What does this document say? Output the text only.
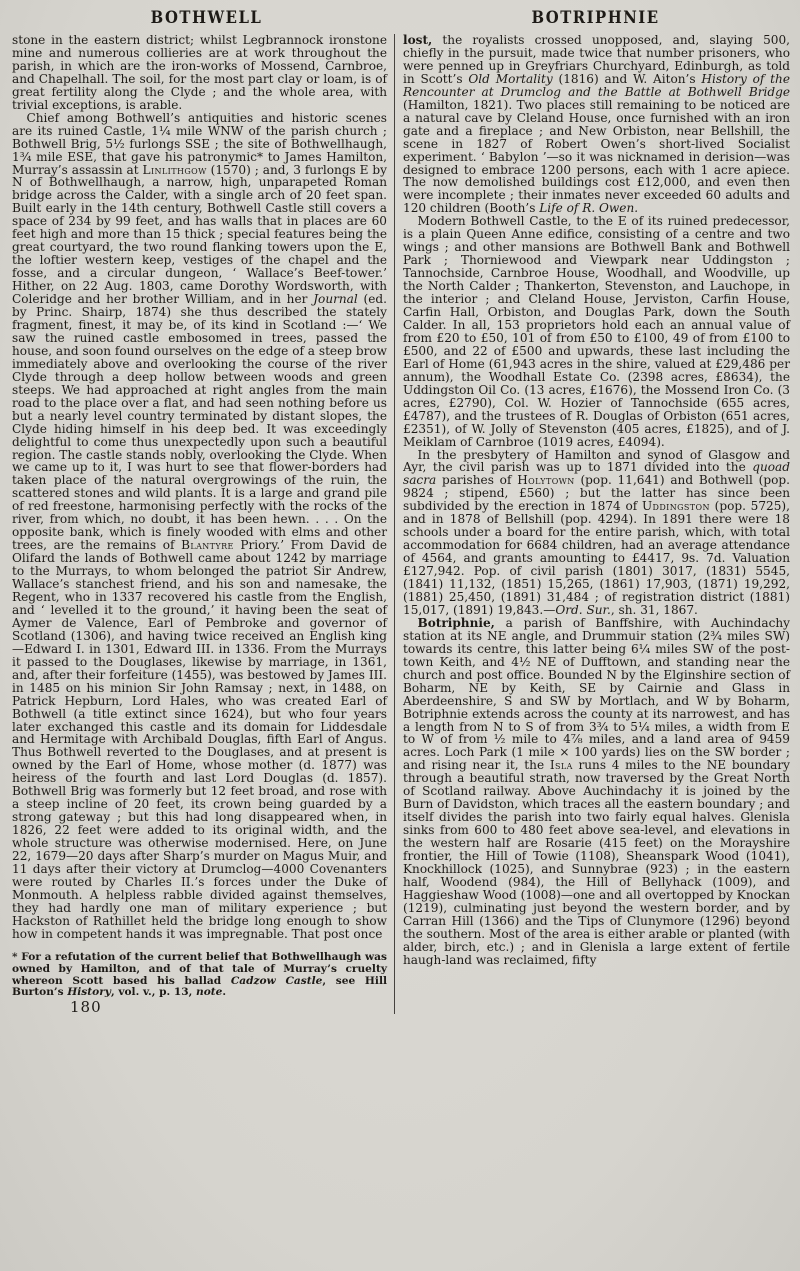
BOTHWELL	BOTRIPHNIE

stone in the eastern district; whilst Legbrannock ironstone mine and numerous collieries are at work throughout the parish, in which are the iron-works of Mossend, Carnbroe, and Chapelhall. The soil, for the most part clay or loam, is of great fertility along the Clyde ; and the whole area, with trivial exceptions, is arable.

Chief among Bothwell’s antiquities and historic scenes are its ruined Castle, 1¼ mile WNW of the parish church ; Bothwell Brig, 5½ furlongs SSE ; the site of Bothwellhaugh, 1¾ mile ESE, that gave his patronymic* to James Hamilton, Murray’s assassin at Linlithgow (1570) ; and, 3 furlongs E by N of Bothwellhaugh, a narrow, high, unparapeted Roman bridge across the Calder, with a single arch of 20 feet span. Built early in the 14th century, Bothwell Castle still covers a space of 234 by 99 feet, and has walls that in places are 60 feet high and more than 15 thick ; special features being the great courtyard, the two round flanking towers upon the E, the loftier western keep, vestiges of the chapel and the fosse, and a circular dungeon, ‘ Wallace’s Beef-tower.’ Hither, on 22 Aug. 1803, came Dorothy Wordsworth, with Coleridge and her brother William, and in her Journal (ed. by Princ. Shairp, 1874) she thus described the stately fragment, finest, it may be, of its kind in Scotland :—‘ We saw the ruined castle embosomed in trees, passed the house, and soon found ourselves on the edge of a steep brow immediately above and overlooking the course of the river Clyde through a deep hollow between woods and green steeps. We had approached at right angles from the main road to the place over a flat, and had seen nothing before us but a nearly level country terminated by distant slopes, the Clyde hiding himself in his deep bed. It was exceedingly delightful to come thus unexpectedly upon such a beautiful region. The castle stands nobly, overlooking the Clyde. When we came up to it, I was hurt to see that flower-borders had taken place of the natural overgrowings of the ruin, the scattered stones and wild plants. It is a large and grand pile of red freestone, harmonising perfectly with the rocks of the river, from which, no doubt, it has been hewn. . . . On the opposite bank, which is finely wooded with elms and other trees, are the remains of Blantyre Priory.’ From David de Olifard the lands of Bothwell came about 1242 by marriage to the Murrays, to whom belonged the patriot Sir Andrew, Wallace’s stanchest friend, and his son and namesake, the Regent, who in 1337 recovered his castle from the English, and ‘ levelled it to the ground,’ it having been the seat of Aymer de Valence, Earl of Pembroke and governor of Scotland (1306), and having twice received an English king—Edward I. in 1301, Edward III. in 1336. From the Murrays it passed to the Douglases, likewise by marriage, in 1361, and, after their forfeiture (1455), was bestowed by James III. in 1485 on his minion Sir John Ramsay ; next, in 1488, on Patrick Hepburn, Lord Hales, who was created Earl of Bothwell (a title extinct since 1624), but who four years later exchanged this castle and its domain for Liddesdale and Hermitage with Archibald Douglas, fifth Earl of Angus. Thus Bothwell reverted to the Douglases, and at present is owned by the Earl of Home, whose mother (d. 1877) was heiress of the fourth and last Lord Douglas (d. 1857). Bothwell Brig was formerly but 12 feet broad, and rose with a steep incline of 20 feet, its crown being guarded by a strong gateway ; but this had long disappeared when, in 1826, 22 feet were added to its original width, and the whole structure was otherwise modernised. Here, on June 22, 1679—20 days after Sharp’s murder on Magus Muir, and 11 days after their victory at Drumclog—4000 Covenanters were routed by Charles II.’s forces under the Duke of Monmouth. A helpless rabble divided against themselves, they had hardly one man of military experience ; but Hackston of Rathillet held the bridge long enough to show how in competent hands it was impregnable. That post once

* For a refutation of the current belief that Bothwellhaugh was owned by Hamilton, and of that tale of Murray’s cruelty whereon Scott based his ballad Cadzow Castle, see Hill Burton’s History, vol. v., p. 13, note.
180

lost, the royalists crossed unopposed, and, slaying 500, chiefly in the pursuit, made twice that number prisoners, who were penned up in Greyfriars Churchyard, Edinburgh, as told in Scott’s Old Mortality (1816) and W. Aiton’s History of the Rencounter at Drumclog and the Battle at Bothwell Bridge (Hamilton, 1821). Two places still remaining to be noticed are a natural cave by Cleland House, once furnished with an iron gate and a fireplace ; and New Orbiston, near Bellshill, the scene in 1827 of Robert Owen’s short-lived Socialist experiment. ‘ Babylon ’—so it was nicknamed in derision—was designed to embrace 1200 persons, each with 1 acre apiece. The now demolished buildings cost £12,000, and even then were incomplete ; their inmates never exceeded 60 adults and 120 children (Booth’s Life of R. Owen.

Modern Bothwell Castle, to the E of its ruined predecessor, is a plain Queen Anne edifice, consisting of a centre and two wings ; and other mansions are Bothwell Bank and Bothwell Park ; Thorniewood and Viewpark near Uddingston ; Tannochside, Carnbroe House, Woodhall, and Woodville, up the North Calder ; Thankerton, Stevenston, and Lauchope, in the interior ; and Cleland House, Jerviston, Carfin House, Carfin Hall, Orbiston, and Douglas Park, down the South Calder. In all, 153 proprietors hold each an annual value of from £20 to £50, 101 of from £50 to £100, 49 of from £100 to £500, and 22 of £500 and upwards, these last including the Earl of Home (61,943 acres in the shire, valued at £29,486 per annum), the Woodhall Estate Co. (2398 acres, £8634), the Uddingston Oil Co. (13 acres, £1676), the Mossend Iron Co. (3 acres, £2790), Col. W. Hozier of Tannochside (655 acres, £4787), and the trustees of R. Douglas of Orbiston (651 acres, £2351), of W. Jolly of Stevenston (405 acres, £1825), and of J. Meiklam of Carnbroe (1019 acres, £4094).

In the presbytery of Hamilton and synod of Glasgow and Ayr, the civil parish was up to 1871 divided into the quoad sacra parishes of Holytown (pop. 11,641) and Bothwell (pop. 9824 ; stipend, £560) ; but the latter has since been subdivided by the erection in 1874 of Uddingston (pop. 5725), and in 1878 of Bellshill (pop. 4294). In 1891 there were 18 schools under a board for the entire parish, which, with total accommodation for 6684 children, had an average attendance of 4564, and grants amounting to £4417, 9s. 7d. Valuation £127,942. Pop. of civil parish (1801) 3017, (1831) 5545, (1841) 11,132, (1851) 15,265, (1861) 17,903, (1871) 19,292, (1881) 25,450, (1891) 31,484 ; of registration district (1881) 15,017, (1891) 19,843.—Ord. Sur., sh. 31, 1867.

Botriphnie, a parish of Banffshire, with Auchindachy station at its NE angle, and Drummuir station (2¾ miles SW) towards its centre, this latter being 6¼ miles SW of the post-town Keith, and 4½ NE of Dufftown, and standing near the church and post office. Bounded N by the Elginshire section of Boharm, NE by Keith, SE by Cairnie and Glass in Aberdeenshire, S and SW by Mortlach, and W by Boharm, Botriphnie extends across the county at its narrowest, and has a length from N to S of from 3¾ to 5¼ miles, a width from E to W of from ½ mile to 4⅞ miles, and a land area of 9459 acres. Loch Park (1 mile × 100 yards) lies on the SW border ; and rising near it, the Isla runs 4 miles to the NE boundary through a beautiful strath, now traversed by the Great North of Scotland railway. Above Auchindachy it is joined by the Burn of Davidston, which traces all the eastern boundary ; and itself divides the parish into two fairly equal halves. Glenisla sinks from 600 to 480 feet above sea-level, and elevations in the western half are Rosarie (415 feet) on the Morayshire frontier, the Hill of Towie (1108), Sheanspark Wood (1041), Knockhillock (1025), and Sunnybrae (923) ; in the eastern half, Woodend (984), the Hill of Bellyhack (1009), and Haggieshaw Wood (1008)—one and all overtopped by Knockan (1219), culminating just beyond the western border, and by Carran Hill (1366) and the Tips of Clunymore (1296) beyond the southern. Most of the area is either arable or planted (with alder, birch, etc.) ; and in Glenisla a large extent of fertile haugh-land was reclaimed, fifty
